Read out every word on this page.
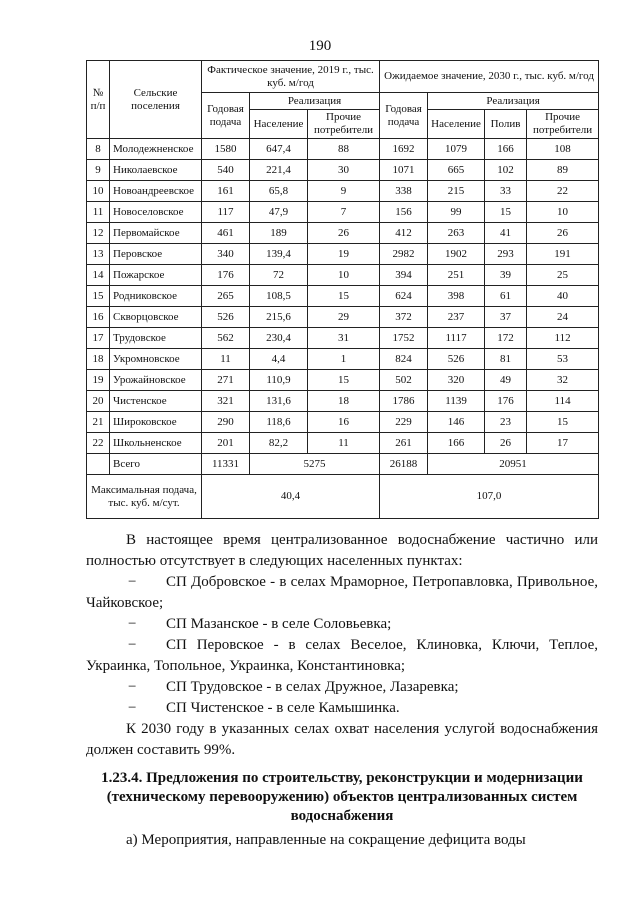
190
№ п/п	Сельские поселения	Фактическое значение, 2019 г., тыс. куб. м/год			Ожидаемое значение, 2030 г., тыс. куб. м/год			
		Годовая подача	Реализация		Годовая подача	Реализация		
			Население	Прочие потребители		Население	Полив	Прочие потребители
8	Молодежненское	1580	647,4	88	1692	1079	166	108
9	Николаевское	540	221,4	30	1071	665	102	89
10	Новоандреевское	161	65,8	9	338	215	33	22
11	Новоселовское	117	47,9	7	156	99	15	10
12	Первомайское	461	189	26	412	263	41	26
13	Перовское	340	139,4	19	2982	1902	293	191
14	Пожарское	176	72	10	394	251	39	25
15	Родниковское	265	108,5	15	624	398	61	40
16	Скворцовское	526	215,6	29	372	237	37	24
17	Трудовское	562	230,4	31	1752	1117	172	112
18	Укромновское	11	4,4	1	824	526	81	53
19	Урожайновское	271	110,9	15	502	320	49	32
20	Чистенское	321	131,6	18	1786	1139	176	114
21	Широковское	290	118,6	16	229	146	23	15
22	Школьненское	201	82,2	11	261	166	26	17
	Всего	11331	5275		26188	20951		
Максимальная подача, тыс. куб. м/сут.		40,4			107,0			

В настоящее время централизованное водоснабжение частично или полностью отсутствует в следующих населенных пунктах:

−	СП Добровское - в селах Мраморное, Петропавловка, Привольное, Чайковское;

−	СП Мазанское - в селе Соловьевка;

−	СП Перовское - в селах Веселое, Клиновка, Ключи, Теплое, Украинка, Топольное, Украинка, Константиновка;

−	СП Трудовское - в селах Дружное, Лазаревка;

−	СП Чистенское - в селе Камышинка.

К 2030 году в указанных селах охват населения услугой водоснабжения должен составить 99%.

1.23.4. Предложения по строительству, реконструкции и модернизации (техническому перевооружению) объектов централизованных систем водоснабжения

а) Мероприятия, направленные на сокращение дефицита воды
